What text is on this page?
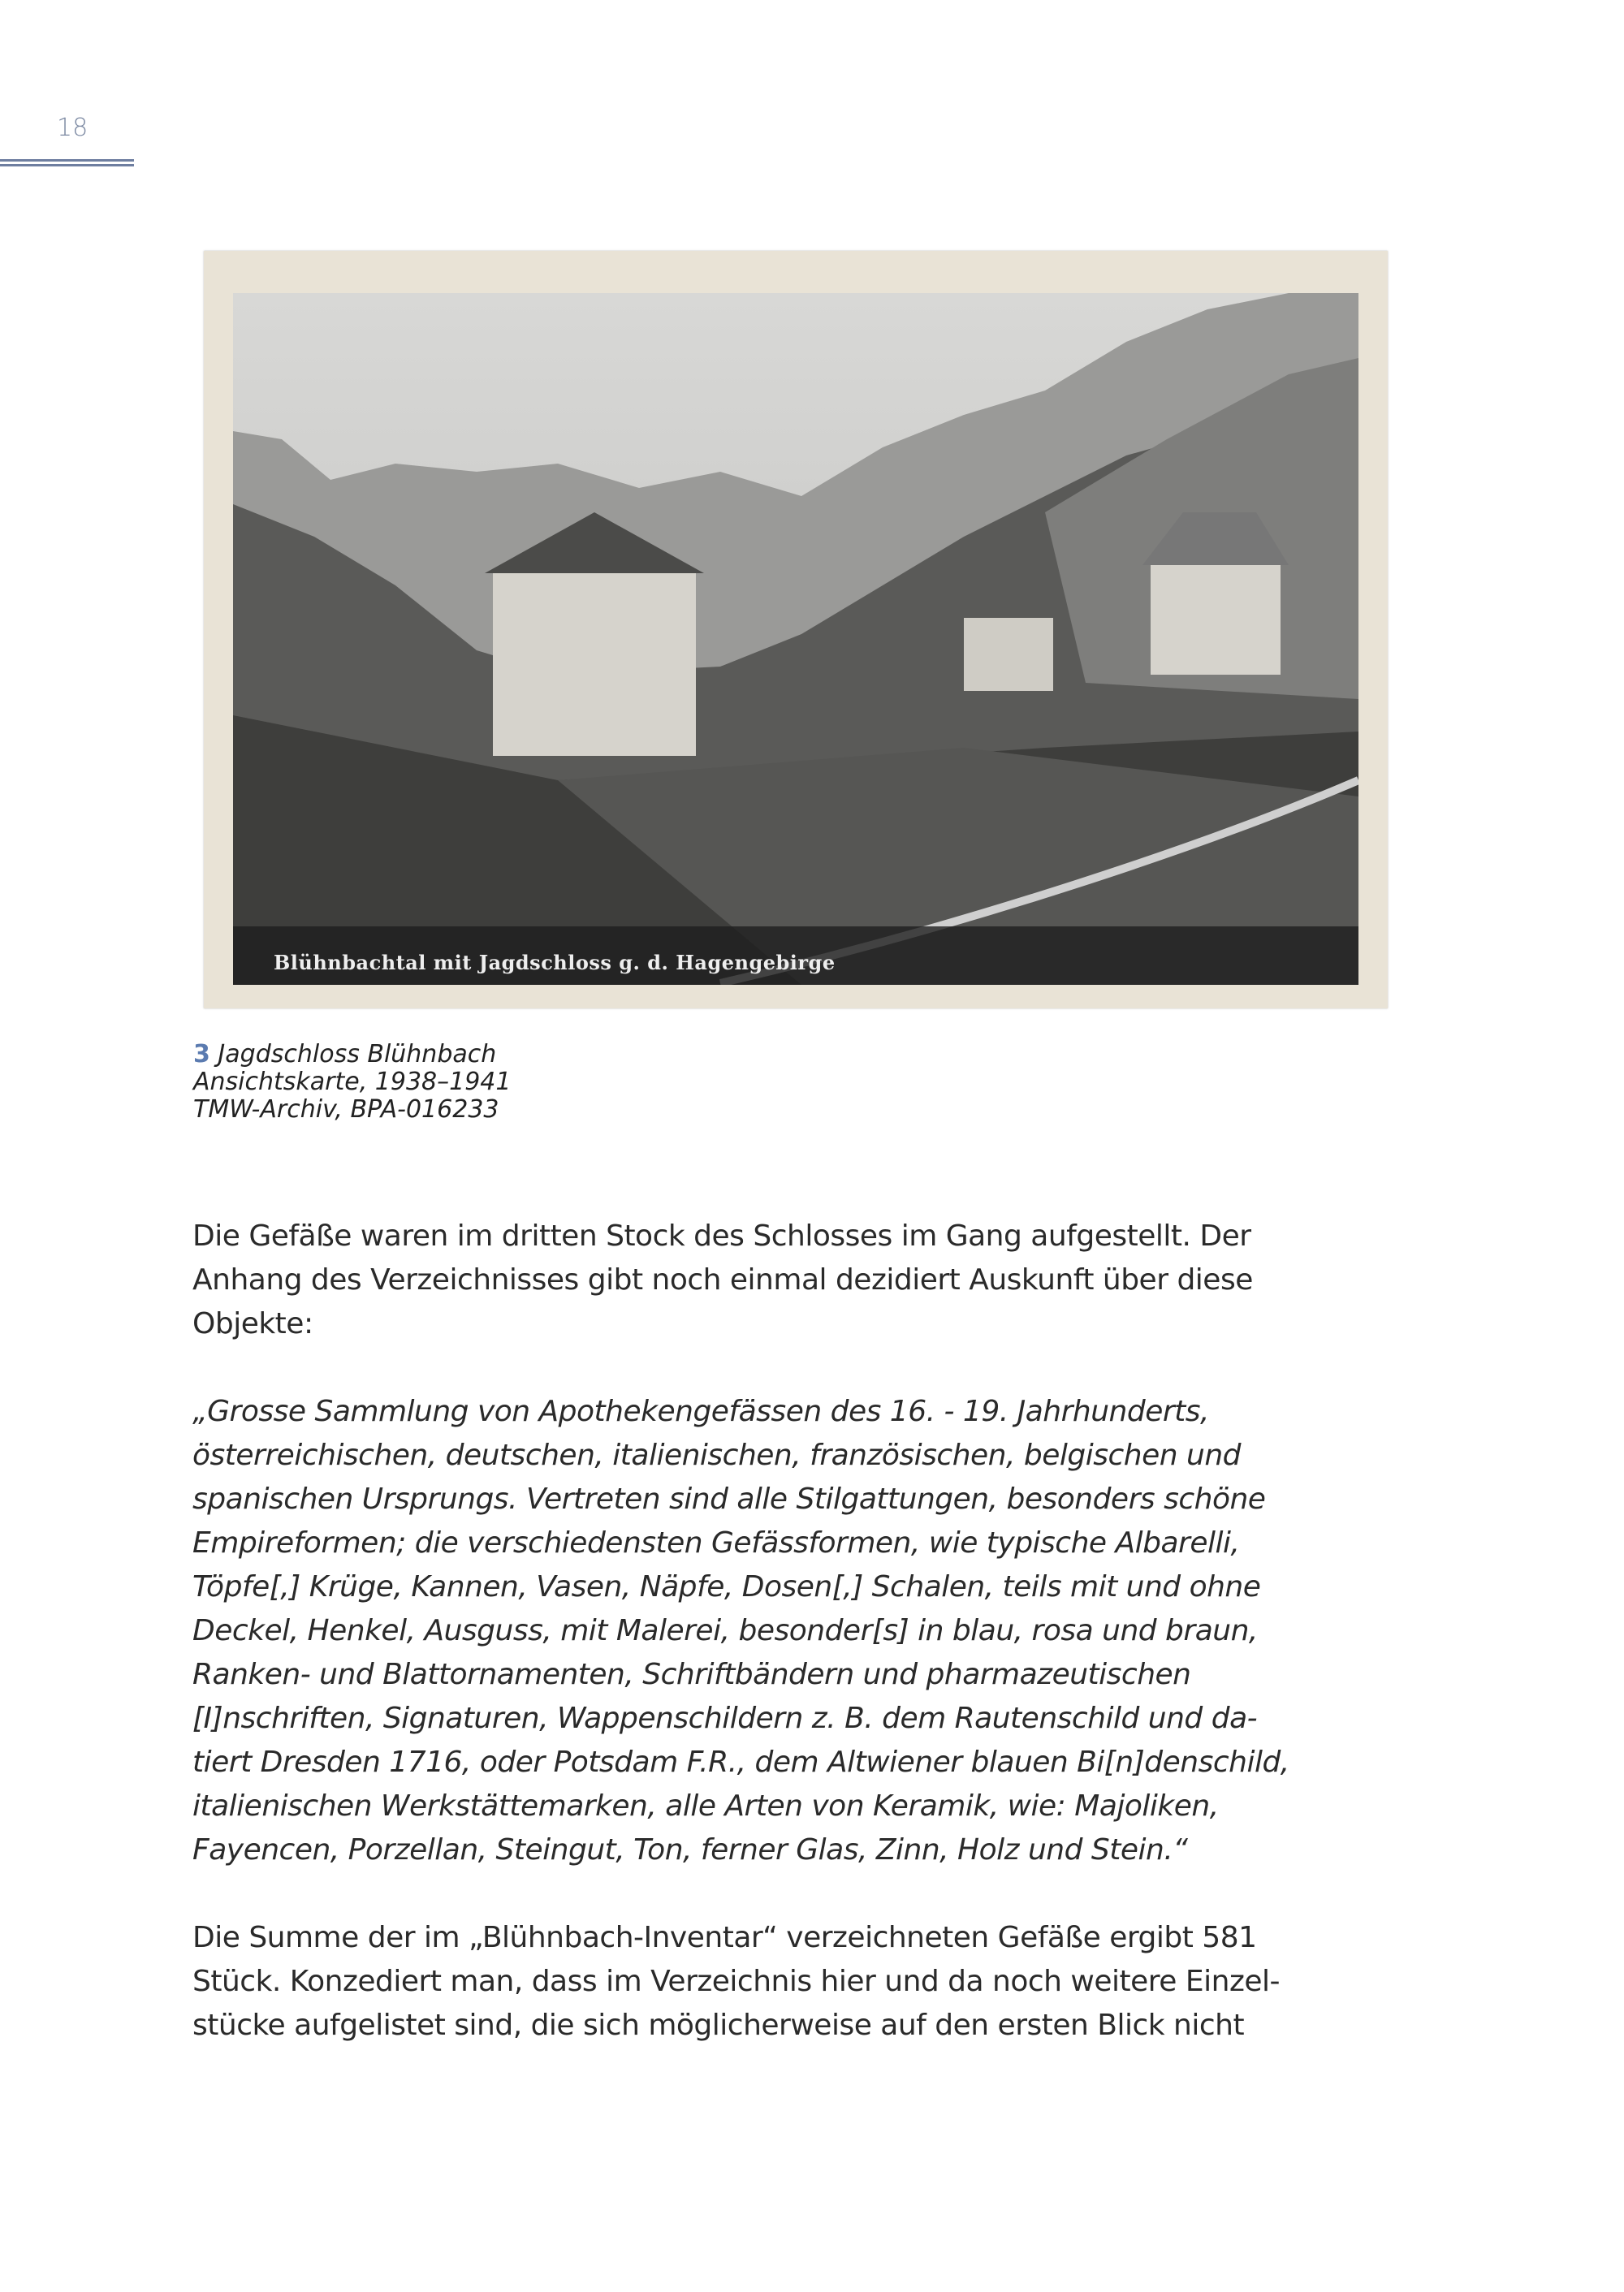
18
Blühnbachtal mit Jagdschloss g. d. Hagengebirge
3 Jagdschloss Blühnbach
Ansichtskarte, 1938–1941
TMW-Archiv, BPA-016233
Die Gefäße waren im dritten Stock des Schlosses im Gang aufgestellt. Der
Anhang des Verzeichnisses gibt noch einmal dezidiert Auskunft über diese
Objekte:
„Grosse Sammlung von Apothekengefässen des 16. - 19. Jahrhunderts,
österreichischen, deutschen, italienischen, französischen, belgischen und
spanischen Ursprungs. Vertreten sind alle Stilgattungen, besonders schöne
Empireformen; die verschiedensten Gefässformen, wie typische Albarelli,
Töpfe[,] Krüge, Kannen, Vasen, Näpfe, Dosen[,] Schalen, teils mit und ohne
Deckel, Henkel, Ausguss, mit Malerei, besonder[s] in blau, rosa und braun,
Ranken- und Blattornamenten, Schriftbändern und pharmazeutischen
[I]nschriften, Signaturen, Wappenschildern z. B. dem Rautenschild und da-
tiert Dresden 1716, oder Potsdam F.R., dem Altwiener blauen Bi[n]denschild,
italienischen Werkstättemarken, alle Arten von Keramik, wie: Majoliken,
Fayencen, Porzellan, Steingut, Ton, ferner Glas, Zinn, Holz und Stein.“
Die Summe der im „Blühnbach-Inventar“ verzeichneten Gefäße ergibt 581
Stück. Konzediert man, dass im Verzeichnis hier und da noch weitere Einzel-
stücke aufgelistet sind, die sich möglicherweise auf den ersten Blick nicht
